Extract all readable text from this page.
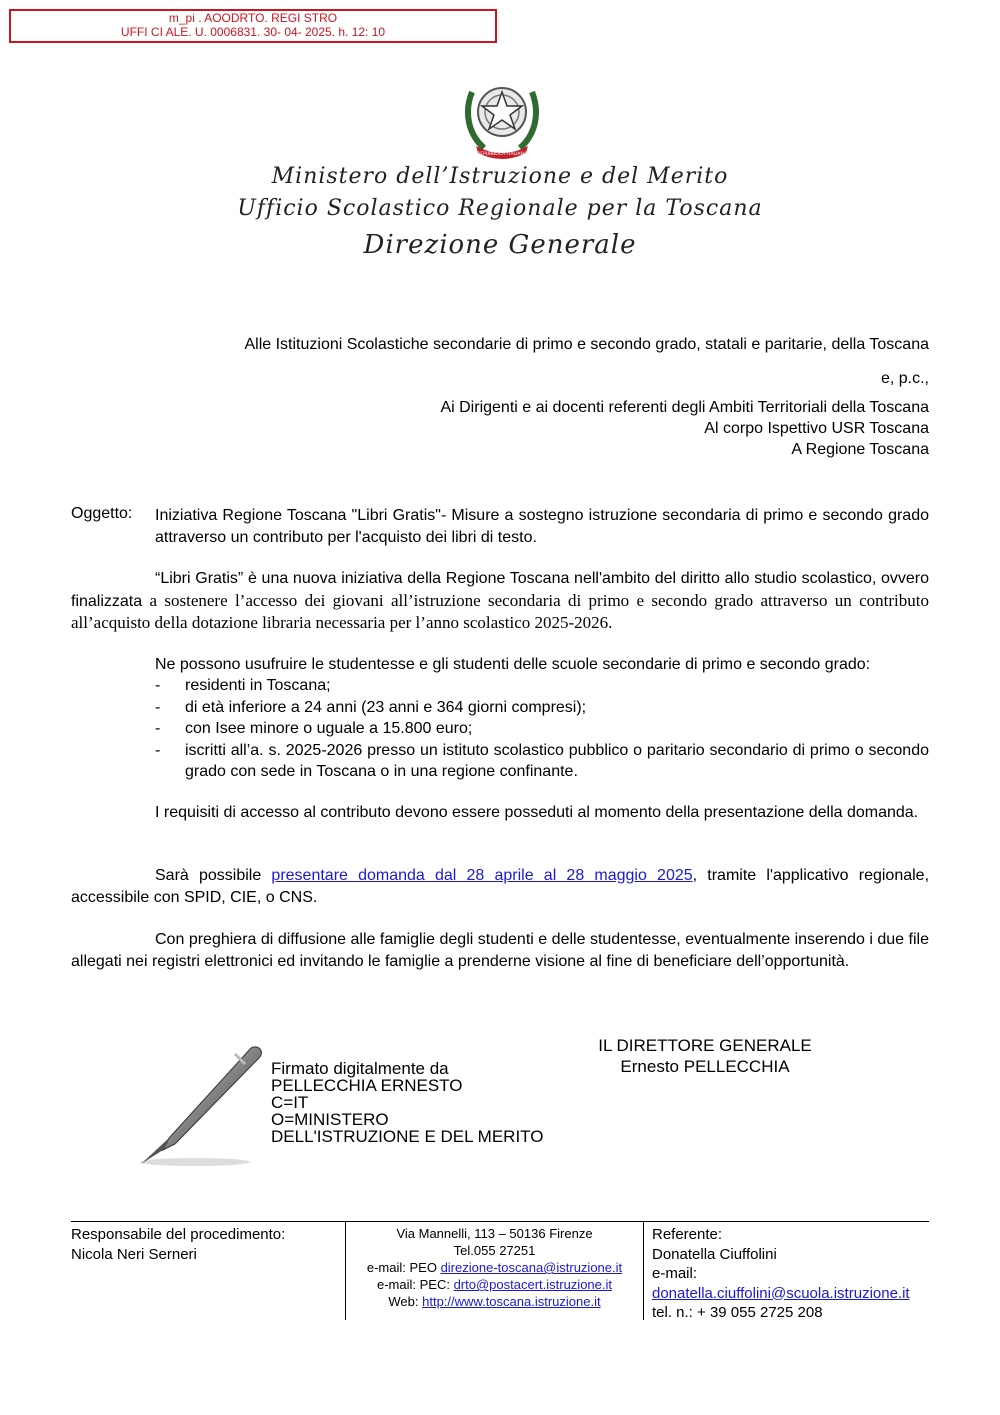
m_pi . AOODRTO. REGI STRO
UFFI CI ALE. U. 0006831. 30- 04- 2025. h. 12: 10
REPUBBLICA ITALIANA
Ministero dell’Istruzione e del Merito
Ufficio Scolastico Regionale per la Toscana
Direzione Generale
Alle Istituzioni Scolastiche secondarie di primo e secondo grado, statali e paritarie, della Toscana
e, p.c.,
Ai Dirigenti e ai docenti referenti degli Ambiti Territoriali della Toscana
Al corpo Ispettivo USR Toscana
A Regione Toscana
Oggetto: Iniziativa Regione Toscana "Libri Gratis"- Misure a sostegno istruzione secondaria di primo e secondo grado attraverso un contributo per l'acquisto dei libri di testo.
“Libri Gratis” è una nuova iniziativa della Regione Toscana nell'ambito del diritto allo studio scolastico, ovvero finalizzata a sostenere l’accesso dei giovani all’istruzione secondaria di primo e secondo grado attraverso un contributo all’acquisto della dotazione libraria necessaria per l’anno scolastico 2025-2026.
Ne possono usufruire le studentesse e gli studenti delle scuole secondarie di primo e secondo grado:
-	residenti in Toscana;
-	di età inferiore a 24 anni (23 anni e 364 giorni compresi);
-	con Isee minore o uguale a 15.800 euro;
-	iscritti all’a. s. 2025-2026 presso un istituto scolastico pubblico o paritario secondario di primo o secondo grado con sede in Toscana o in una regione confinante.
I requisiti di accesso al contributo devono essere posseduti al momento della presentazione della domanda.
Sarà possibile presentare domanda dal 28 aprile al 28 maggio 2025, tramite l'applicativo regionale, accessibile con SPID, CIE, o CNS.
Con preghiera di diffusione alle famiglie degli studenti e delle studentesse, eventualmente inserendo i due file allegati nei registri elettronici ed invitando le famiglie a prenderne visione al fine di beneficiare dell’opportunità.
IL DIRETTORE GENERALE
Ernesto PELLECCHIA
Firmato digitalmente da
PELLECCHIA ERNESTO
C=IT
O=MINISTERO
DELL'ISTRUZIONE E DEL MERITO
Responsabile del procedimento:
Nicola Neri Serneri
Via Mannelli, 113 – 50136 Firenze
Tel.055 27251
e-mail: PEO direzione-toscana@istruzione.it
e-mail: PEC: drto@postacert.istruzione.it
Web: http://www.toscana.istruzione.it
Referente:
Donatella Ciuffolini
e-mail:
donatella.ciuffolini@scuola.istruzione.it
tel. n.: + 39 055 2725 208
